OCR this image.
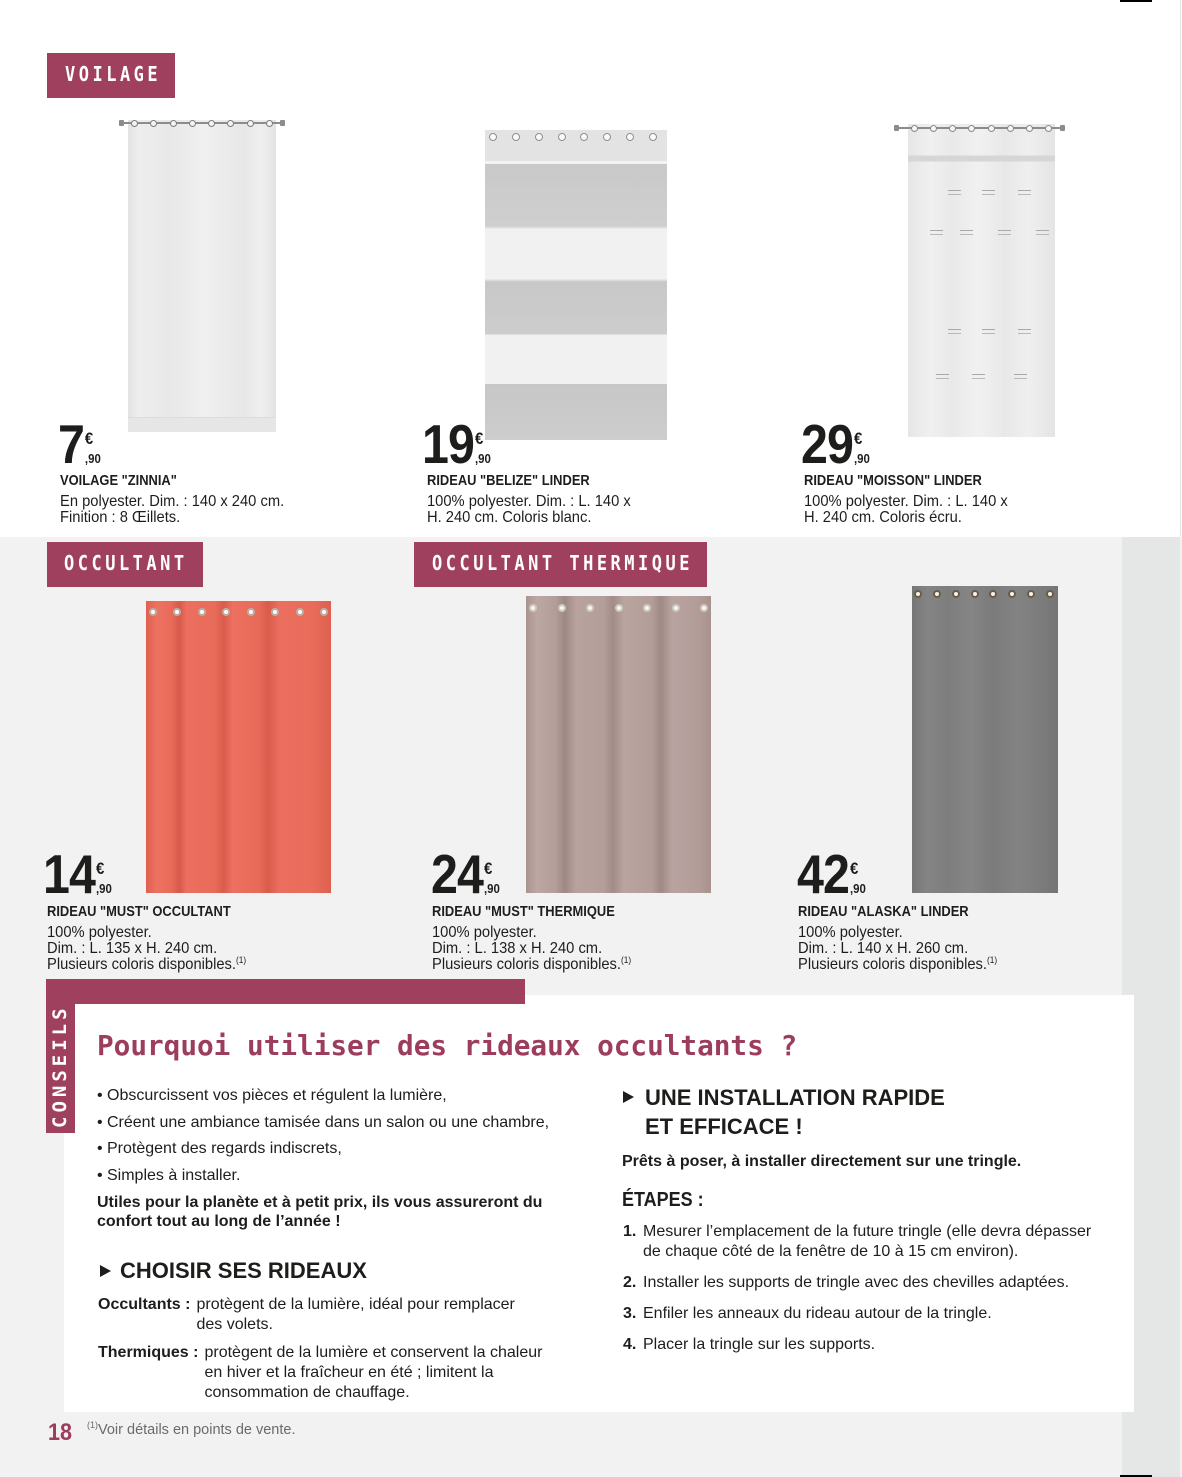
VOILAGE
OCCULTANT	OCCULTANT THERMIQUE
7 €
,90
VOILAGE "ZINNIA"
En polyester. Dim. : 140 x 240 cm.
Finition : 8 Œillets.
19 €
,90
RIDEAU "BELIZE" LINDER
100% polyester. Dim. : L. 140 x
H. 240 cm. Coloris blanc.
29 €
,90
RIDEAU "MOISSON" LINDER
100% polyester. Dim. : L. 140 x
H. 240 cm. Coloris écru.
14 €
,90
RIDEAU "MUST" OCCULTANT
100% polyester.
Dim. : L. 135 x H. 240 cm.
Plusieurs coloris disponibles.$^{(1)}$
24 €
,90
RIDEAU "MUST" THERMIQUE
100% polyester.
Dim. : L. 138 x H. 240 cm.
Plusieurs coloris disponibles.$^{(1)}$
42 €
,90
RIDEAU "ALASKA" LINDER
100% polyester.
Dim. : L. 140 x H. 260 cm.
Plusieurs coloris disponibles.$^{(1)}$
CONSEILS Pourquoi utiliser des rideaux occultants ?
• Obscurcissent vos pièces et régulent la lumière,
• Créent une ambiance tamisée dans un salon ou une chambre,
• Protègent des regards indiscrets,
• Simples à installer.
Utiles pour la planète et à petit prix, ils vous assureront du
confort tout au long de l’année !
CHOISIR SES RIDEAUX
Occultants : protègent de la lumière, idéal pour remplacer
des volets.
Thermiques : protègent de la lumière et conservent la chaleur
en hiver et la fraîcheur en été ; limitent la
consommation de chauffage.
UNE INSTALLATION RAPIDE
ET EFFICACE !
Prêts à poser, à installer directement sur une tringle.
ÉTAPES :
1. Mesurer l’emplacement de la future tringle (elle devra dépasser
de chaque côté de la fenêtre de 10 à 15 cm environ).
2. Installer les supports de tringle avec des chevilles adaptées.
3. Enfiler les anneaux du rideau autour de la tringle.
4. Placer la tringle sur les supports.
18 $^{(1)}$Voir détails en points de vente.
